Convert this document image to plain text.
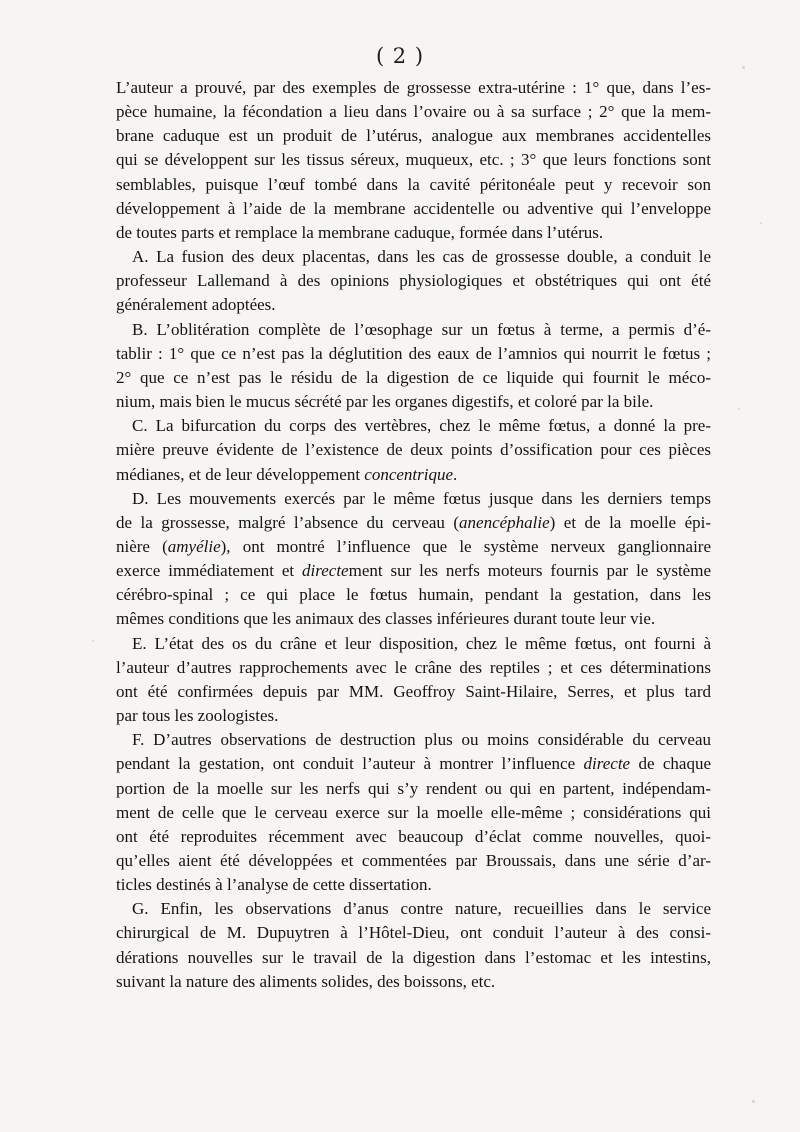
( 2 )
L’auteur a prouvé, par des exemples de grossesse extra-utérine : 1° que, dans l’es-
pèce humaine, la fécondation a lieu dans l’ovaire ou à sa surface ; 2° que la mem-
brane caduque est un produit de l’utérus, analogue aux membranes accidentelles
qui se développent sur les tissus séreux, muqueux, etc. ; 3° que leurs fonctions sont
semblables, puisque l’œuf tombé dans la cavité péritonéale peut y recevoir son
développement à l’aide de la membrane accidentelle ou adventive qui l’enveloppe
de toutes parts et remplace la membrane caduque, formée dans l’utérus.
A. La fusion des deux placentas, dans les cas de grossesse double, a conduit le
professeur Lallemand à des opinions physiologiques et obstétriques qui ont été
généralement adoptées.
B. L’oblitération complète de l’œsophage sur un fœtus à terme, a permis d’é-
tablir : 1° que ce n’est pas la déglutition des eaux de l’amnios qui nourrit le fœtus ;
2° que ce n’est pas le résidu de la digestion de ce liquide qui fournit le méco-
nium, mais bien le mucus sécrété par les organes digestifs, et coloré par la bile.
C. La bifurcation du corps des vertèbres, chez le même fœtus, a donné la pre-
mière preuve évidente de l’existence de deux points d’ossification pour ces pièces
médianes, et de leur développement concentrique.
D. Les mouvements exercés par le même fœtus jusque dans les derniers temps
de la grossesse, malgré l’absence du cerveau (anencéphalie) et de la moelle épi-
nière (amyélie), ont montré l’influence que le système nerveux ganglionnaire
exerce immédiatement et directement sur les nerfs moteurs fournis par le système
cérébro-spinal ; ce qui place le fœtus humain, pendant la gestation, dans les
mêmes conditions que les animaux des classes inférieures durant toute leur vie.
E. L’état des os du crâne et leur disposition, chez le même fœtus, ont fourni à
l’auteur d’autres rapprochements avec le crâne des reptiles ; et ces déterminations
ont été confirmées depuis par MM. Geoffroy Saint-Hilaire, Serres, et plus tard
par tous les zoologistes.
F. D’autres observations de destruction plus ou moins considérable du cerveau
pendant la gestation, ont conduit l’auteur à montrer l’influence directe de chaque
portion de la moelle sur les nerfs qui s’y rendent ou qui en partent, indépendam-
ment de celle que le cerveau exerce sur la moelle elle-même ; considérations qui
ont été reproduites récemment avec beaucoup d’éclat comme nouvelles, quoi-
qu’elles aient été développées et commentées par Broussais, dans une série d’ar-
ticles destinés à l’analyse de cette dissertation.
G. Enfin, les observations d’anus contre nature, recueillies dans le service
chirurgical de M. Dupuytren à l’Hôtel-Dieu, ont conduit l’auteur à des consi-
dérations nouvelles sur le travail de la digestion dans l’estomac et les intestins,
suivant la nature des aliments solides, des boissons, etc.
